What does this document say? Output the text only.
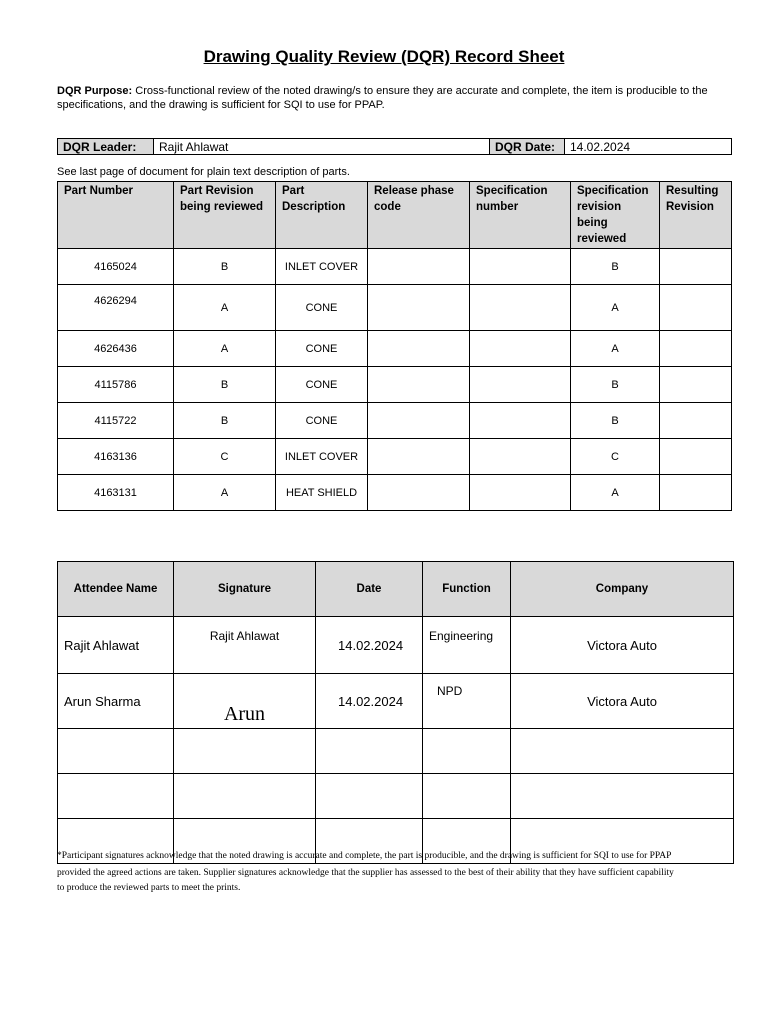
Drawing Quality Review (DQR) Record Sheet
DQR Purpose: Cross-functional review of the noted drawing/s to ensure they are accurate and complete, the item is producible to the specifications, and the drawing is sufficient for SQI to use for PPAP.
DQR Leader:	Rajit Ahlawat	DQR Date:	14.02.2024
See last page of document for plain text description of parts.
Part Number	Part Revision being reviewed	Part Description	Release phase code	Specification number	Specification revision being reviewed	Resulting Revision
4165024	B	INLET COVER			B	
4626294	A	CONE			A	
4626436	A	CONE			A	
4115786	B	CONE			B	
4115722	B	CONE			B	
4163136	C	INLET COVER			C	
4163131	A	HEAT SHIELD			A	
Attendee Name	Signature	Date	Function	Company
Rajit Ahlawat	Rajit Ahlawat	14.02.2024	Engineering	Victora Auto
Arun Sharma	Arun	14.02.2024	NPD	Victora Auto

*Participant signatures acknowledge that the noted drawing is accurate and complete, the part is producible, and the drawing is sufficient for SQI to use for PPAP
provided the agreed actions are taken. Supplier signatures acknowledge that the supplier has assessed to the best of their ability that they have sufficient capability
to produce the reviewed parts to meet the prints.
